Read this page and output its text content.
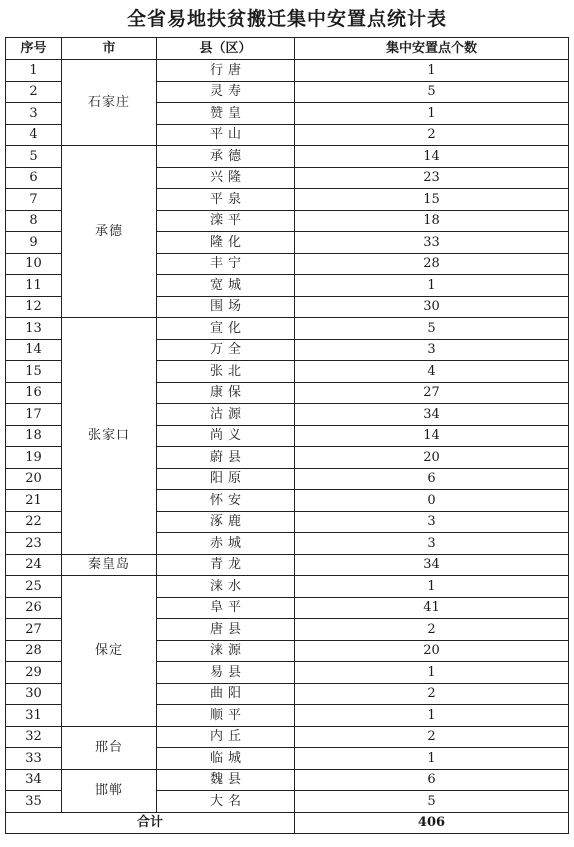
全省易地扶贫搬迁集中安置点统计表
序号	市	县（区）	集中安置点个数
1	石家庄	行唐	1
2		灵寿	5
3		赞皇	1
4		平山	2
5	承德	承德	14
6		兴隆	23
7		平泉	15
8		滦平	18
9		隆化	33
10		丰宁	28
11		宽城	1
12		围场	30
13	张家口	宣化	5
14		万全	3
15		张北	4
16		康保	27
17		沽源	34
18		尚义	14
19		蔚县	20
20		阳原	6
21		怀安	0
22		涿鹿	3
23		赤城	3
24	秦皇岛	青龙	34
25	保定	涞水	1
26		阜平	41
27		唐县	2
28		涞源	20
29		易县	1
30		曲阳	2
31		顺平	1
32	邢台	内丘	2
33		临城	1
34	邯郸	魏县	6
35		大名	5
合计			406
